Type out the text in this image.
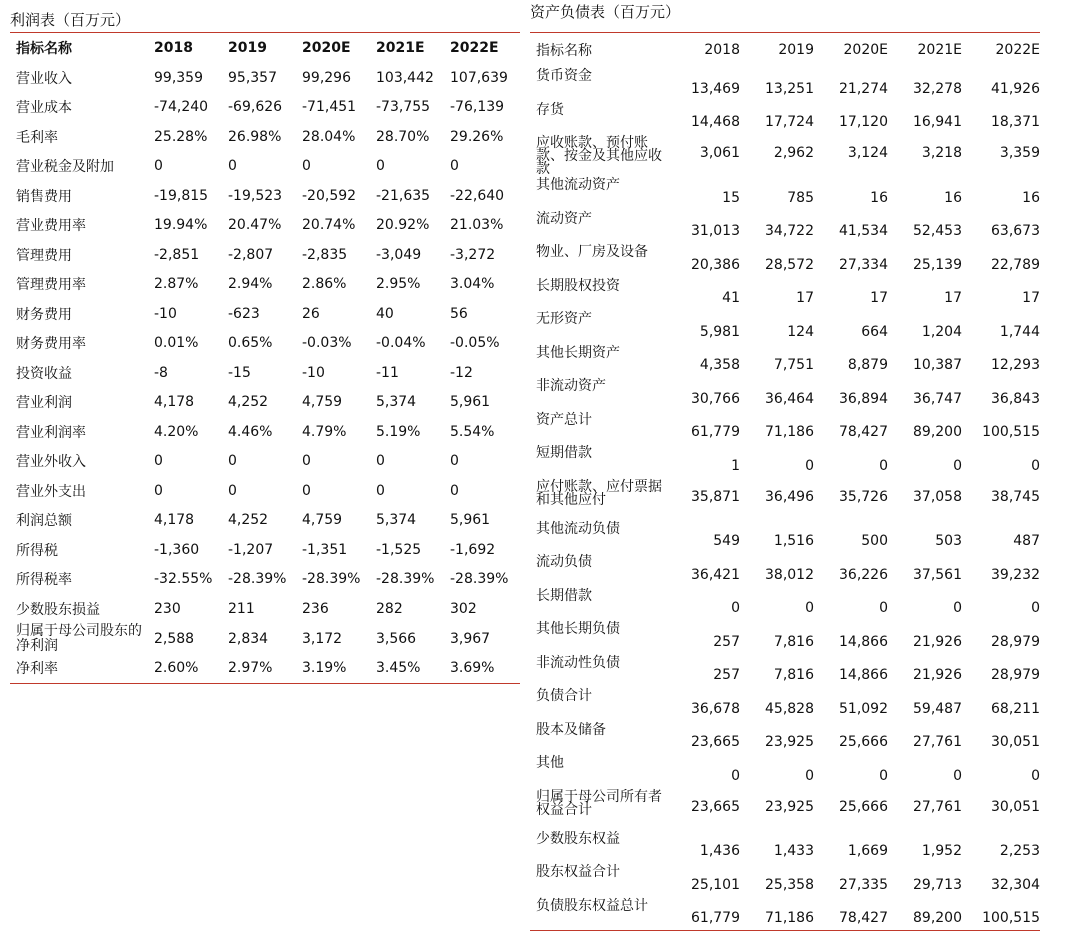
利润表（百万元）
指标名称	2018	2019	2020E	2021E	2022E
营业收入	99,359	95,357	99,296	103,442	107,639
营业成本	-74,240	-69,626	-71,451	-73,755	-76,139
毛利率	25.28%	26.98%	28.04%	28.70%	29.26%
营业税金及附加	0	0	0	0	0
销售费用	-19,815	-19,523	-20,592	-21,635	-22,640
营业费用率	19.94%	20.47%	20.74%	20.92%	21.03%
管理费用	-2,851	-2,807	-2,835	-3,049	-3,272
管理费用率	2.87%	2.94%	2.86%	2.95%	3.04%
财务费用	-10	-623	26	40	56
财务费用率	0.01%	0.65%	-0.03%	-0.04%	-0.05%
投资收益	-8	-15	-10	-11	-12
营业利润	4,178	4,252	4,759	5,374	5,961
营业利润率	4.20%	4.46%	4.79%	5.19%	5.54%
营业外收入	0	0	0	0	0
营业外支出	0	0	0	0	0
利润总额	4,178	4,252	4,759	5,374	5,961
所得税	-1,360	-1,207	-1,351	-1,525	-1,692
所得税率	-32.55%	-28.39%	-28.39%	-28.39%	-28.39%
少数股东损益	230	211	236	282	302
归属于母公司股东的净利润	2,588	2,834	3,172	3,566	3,967
净利率	2.60%	2.97%	3.19%	3.45%	3.69%
资产负债表（百万元）
指标名称	2018	2019	2020E	2021E	2022E
货币资金	13,469	13,251	21,274	32,278	41,926
存货	14,468	17,724	17,120	16,941	18,371
应收账款、预付账款、按金及其他应收款	3,061	2,962	3,124	3,218	3,359
其他流动资产	15	785	16	16	16
流动资产	31,013	34,722	41,534	52,453	63,673
物业、厂房及设备	20,386	28,572	27,334	25,139	22,789
长期股权投资	41	17	17	17	17
无形资产	5,981	124	664	1,204	1,744
其他长期资产	4,358	7,751	8,879	10,387	12,293
非流动资产	30,766	36,464	36,894	36,747	36,843
资产总计	61,779	71,186	78,427	89,200	100,515
短期借款	1	0	0	0	0
应付账款、应付票据和其他应付	35,871	36,496	35,726	37,058	38,745
其他流动负债	549	1,516	500	503	487
流动负债	36,421	38,012	36,226	37,561	39,232
长期借款	0	0	0	0	0
其他长期负债	257	7,816	14,866	21,926	28,979
非流动性负债	257	7,816	14,866	21,926	28,979
负债合计	36,678	45,828	51,092	59,487	68,211
股本及储备	23,665	23,925	25,666	27,761	30,051
其他	0	0	0	0	0
归属于母公司所有者权益合计	23,665	23,925	25,666	27,761	30,051
少数股东权益	1,436	1,433	1,669	1,952	2,253
股东权益合计	25,101	25,358	27,335	29,713	32,304
负债股东权益总计	61,779	71,186	78,427	89,200	100,515
